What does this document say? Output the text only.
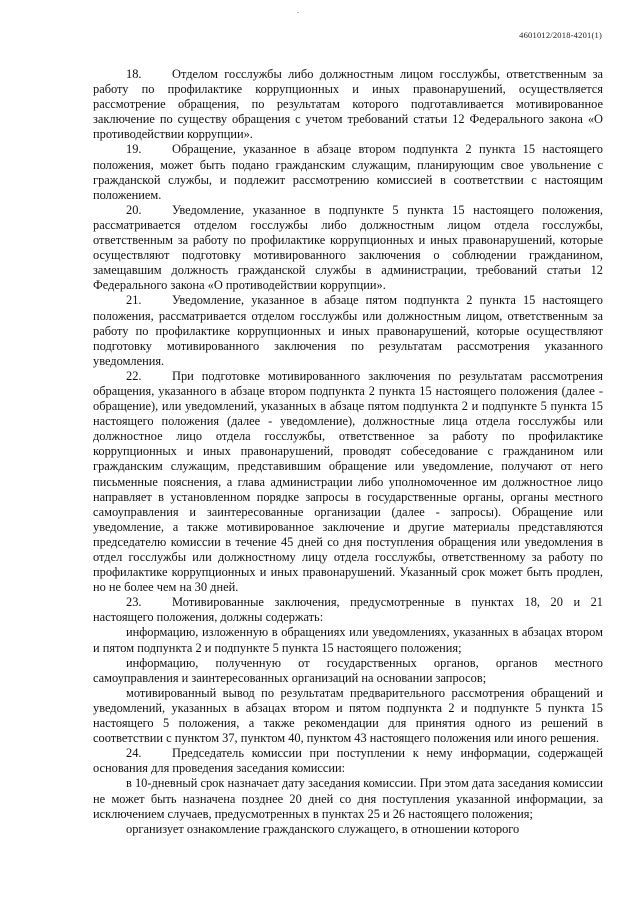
4601012/2018-4201(1)

18. Отделом госслужбы либо должностным лицом госслужбы, ответственным за работу по профилактике коррупционных и иных правонарушений, осуществляется рассмотрение обращения, по результатам которого подготавливается мотивированное заключение по существу обращения с учетом требований статьи 12 Федерального закона «О противодействии коррупции».

19. Обращение, указанное в абзаце втором подпункта 2 пункта 15 настоящего положения, может быть подано гражданским служащим, планирующим свое увольнение с гражданской службы, и подлежит рассмотрению комиссией в соответствии с настоящим положением.

20. Уведомление, указанное в подпункте 5 пункта 15 настоящего положения, рассматривается отделом госслужбы либо должностным лицом отдела госслужбы, ответственным за работу по профилактике коррупционных и иных правонарушений, которые осуществляют подготовку мотивированного заключения о соблюдении гражданином, замещавшим должность гражданской службы в администрации, требований статьи 12 Федерального закона «О противодействии коррупции».

21. Уведомление, указанное в абзаце пятом подпункта 2 пункта 15 настоящего положения, рассматривается отделом госслужбы или должностным лицом, ответственным за работу по профилактике коррупционных и иных правонарушений, которые осуществляют подготовку мотивированного заключения по результатам рассмотрения указанного уведомления.

22. При подготовке мотивированного заключения по результатам рассмотрения обращения, указанного в абзаце втором подпункта 2 пункта 15 настоящего положения (далее - обращение), или уведомлений, указанных в абзаце пятом подпункта 2 и подпункте 5 пункта 15 настоящего положения (далее - уведомление), должностные лица отдела госслужбы или должностное лицо отдела госслужбы, ответственное за работу по профилактике коррупционных и иных правонарушений, проводят собеседование с гражданином или гражданским служащим, представившим обращение или уведомление, получают от него письменные пояснения, а глава администрации либо уполномоченное им должностное лицо направляет в установленном порядке запросы в государственные органы, органы местного самоуправления и заинтересованные организации (далее - запросы). Обращение или уведомление, а также мотивированное заключение и другие материалы представляются председателю комиссии в течение 45 дней со дня поступления обращения или уведомления в отдел госслужбы или должностному лицу отдела госслужбы, ответственному за работу по профилактике коррупционных и иных правонарушений. Указанный срок может быть продлен, но не более чем на 30 дней.

23. Мотивированные заключения, предусмотренные в пунктах 18, 20 и 21 настоящего положения, должны содержать:

информацию, изложенную в обращениях или уведомлениях, указанных в абзацах втором и пятом подпункта 2 и подпункте 5 пункта 15 настоящего положения;

информацию, полученную от государственных органов, органов местного самоуправления и заинтересованных организаций на основании запросов;

мотивированный вывод по результатам предварительного рассмотрения обращений и уведомлений, указанных в абзацах втором и пятом подпункта 2 и подпункте 5 пункта 15 настоящего 5 положения, а также рекомендации для принятия одного из решений в соответствии с пунктом 37, пунктом 40, пунктом 43 настоящего положения или иного решения.

24. Председатель комиссии при поступлении к нему информации, содержащей основания для проведения заседания комиссии:

в 10-дневный срок назначает дату заседания комиссии. При этом дата заседания комиссии не может быть назначена позднее 20 дней со дня поступления указанной информации, за исключением случаев, предусмотренных в пунктах 25 и 26 настоящего положения;

организует ознакомление гражданского служащего, в отношении которого
